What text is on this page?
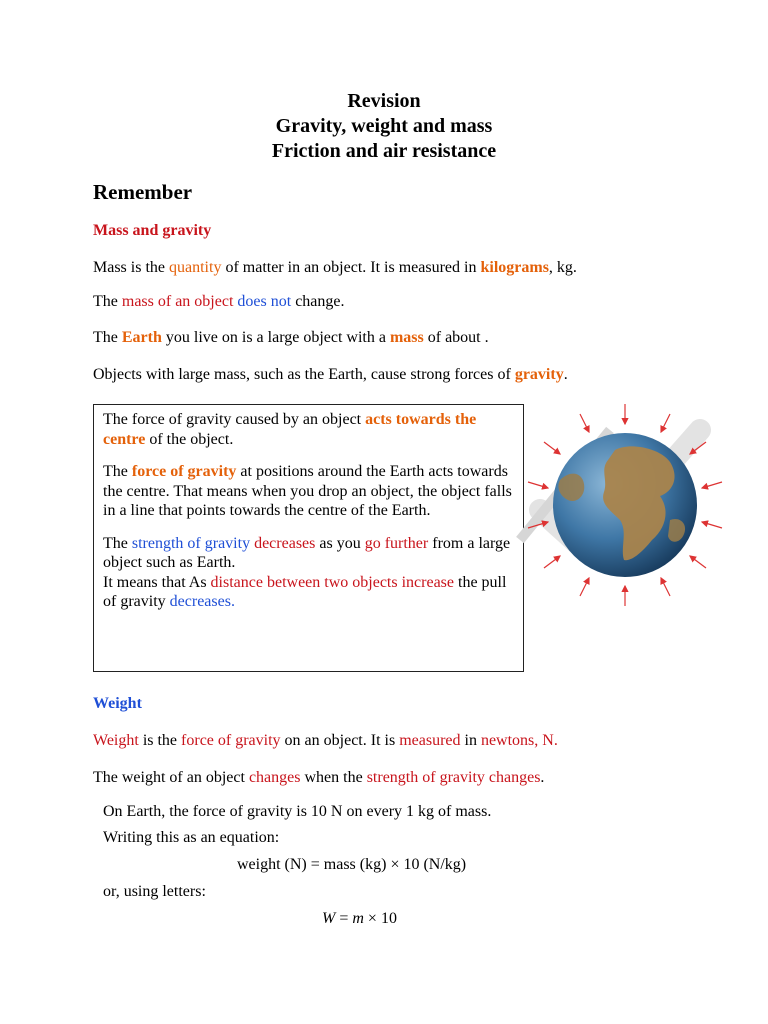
Revision
Gravity, weight and mass
Friction and air resistance
Remember
Mass and gravity
Mass is the quantity of matter in an object. It is measured in kilograms, kg.
The mass of an object does not change.
The Earth you live on is a large object with a mass of about .
Objects with large mass, such as the Earth, cause strong forces of gravity.

The force of gravity caused by an object acts towards the centre of the object.

The force of gravity at positions around the Earth acts towards the centre. That means when you drop an object, the object falls in a line that points towards the centre of the Earth.

The strength of gravity decreases as you go further from a large object such as Earth.
It means that As distance between two objects increase the pull of gravity decreases.

Weight
Weight is the force of gravity on an object. It is measured in newtons, N.
The weight of an object changes when the strength of gravity changes.
On Earth, the force of gravity is 10 N on every 1 kg of mass.
Writing this as an equation:
weight (N) = mass (kg) × 10 (N/kg)
or, using letters:
W = m × 10
